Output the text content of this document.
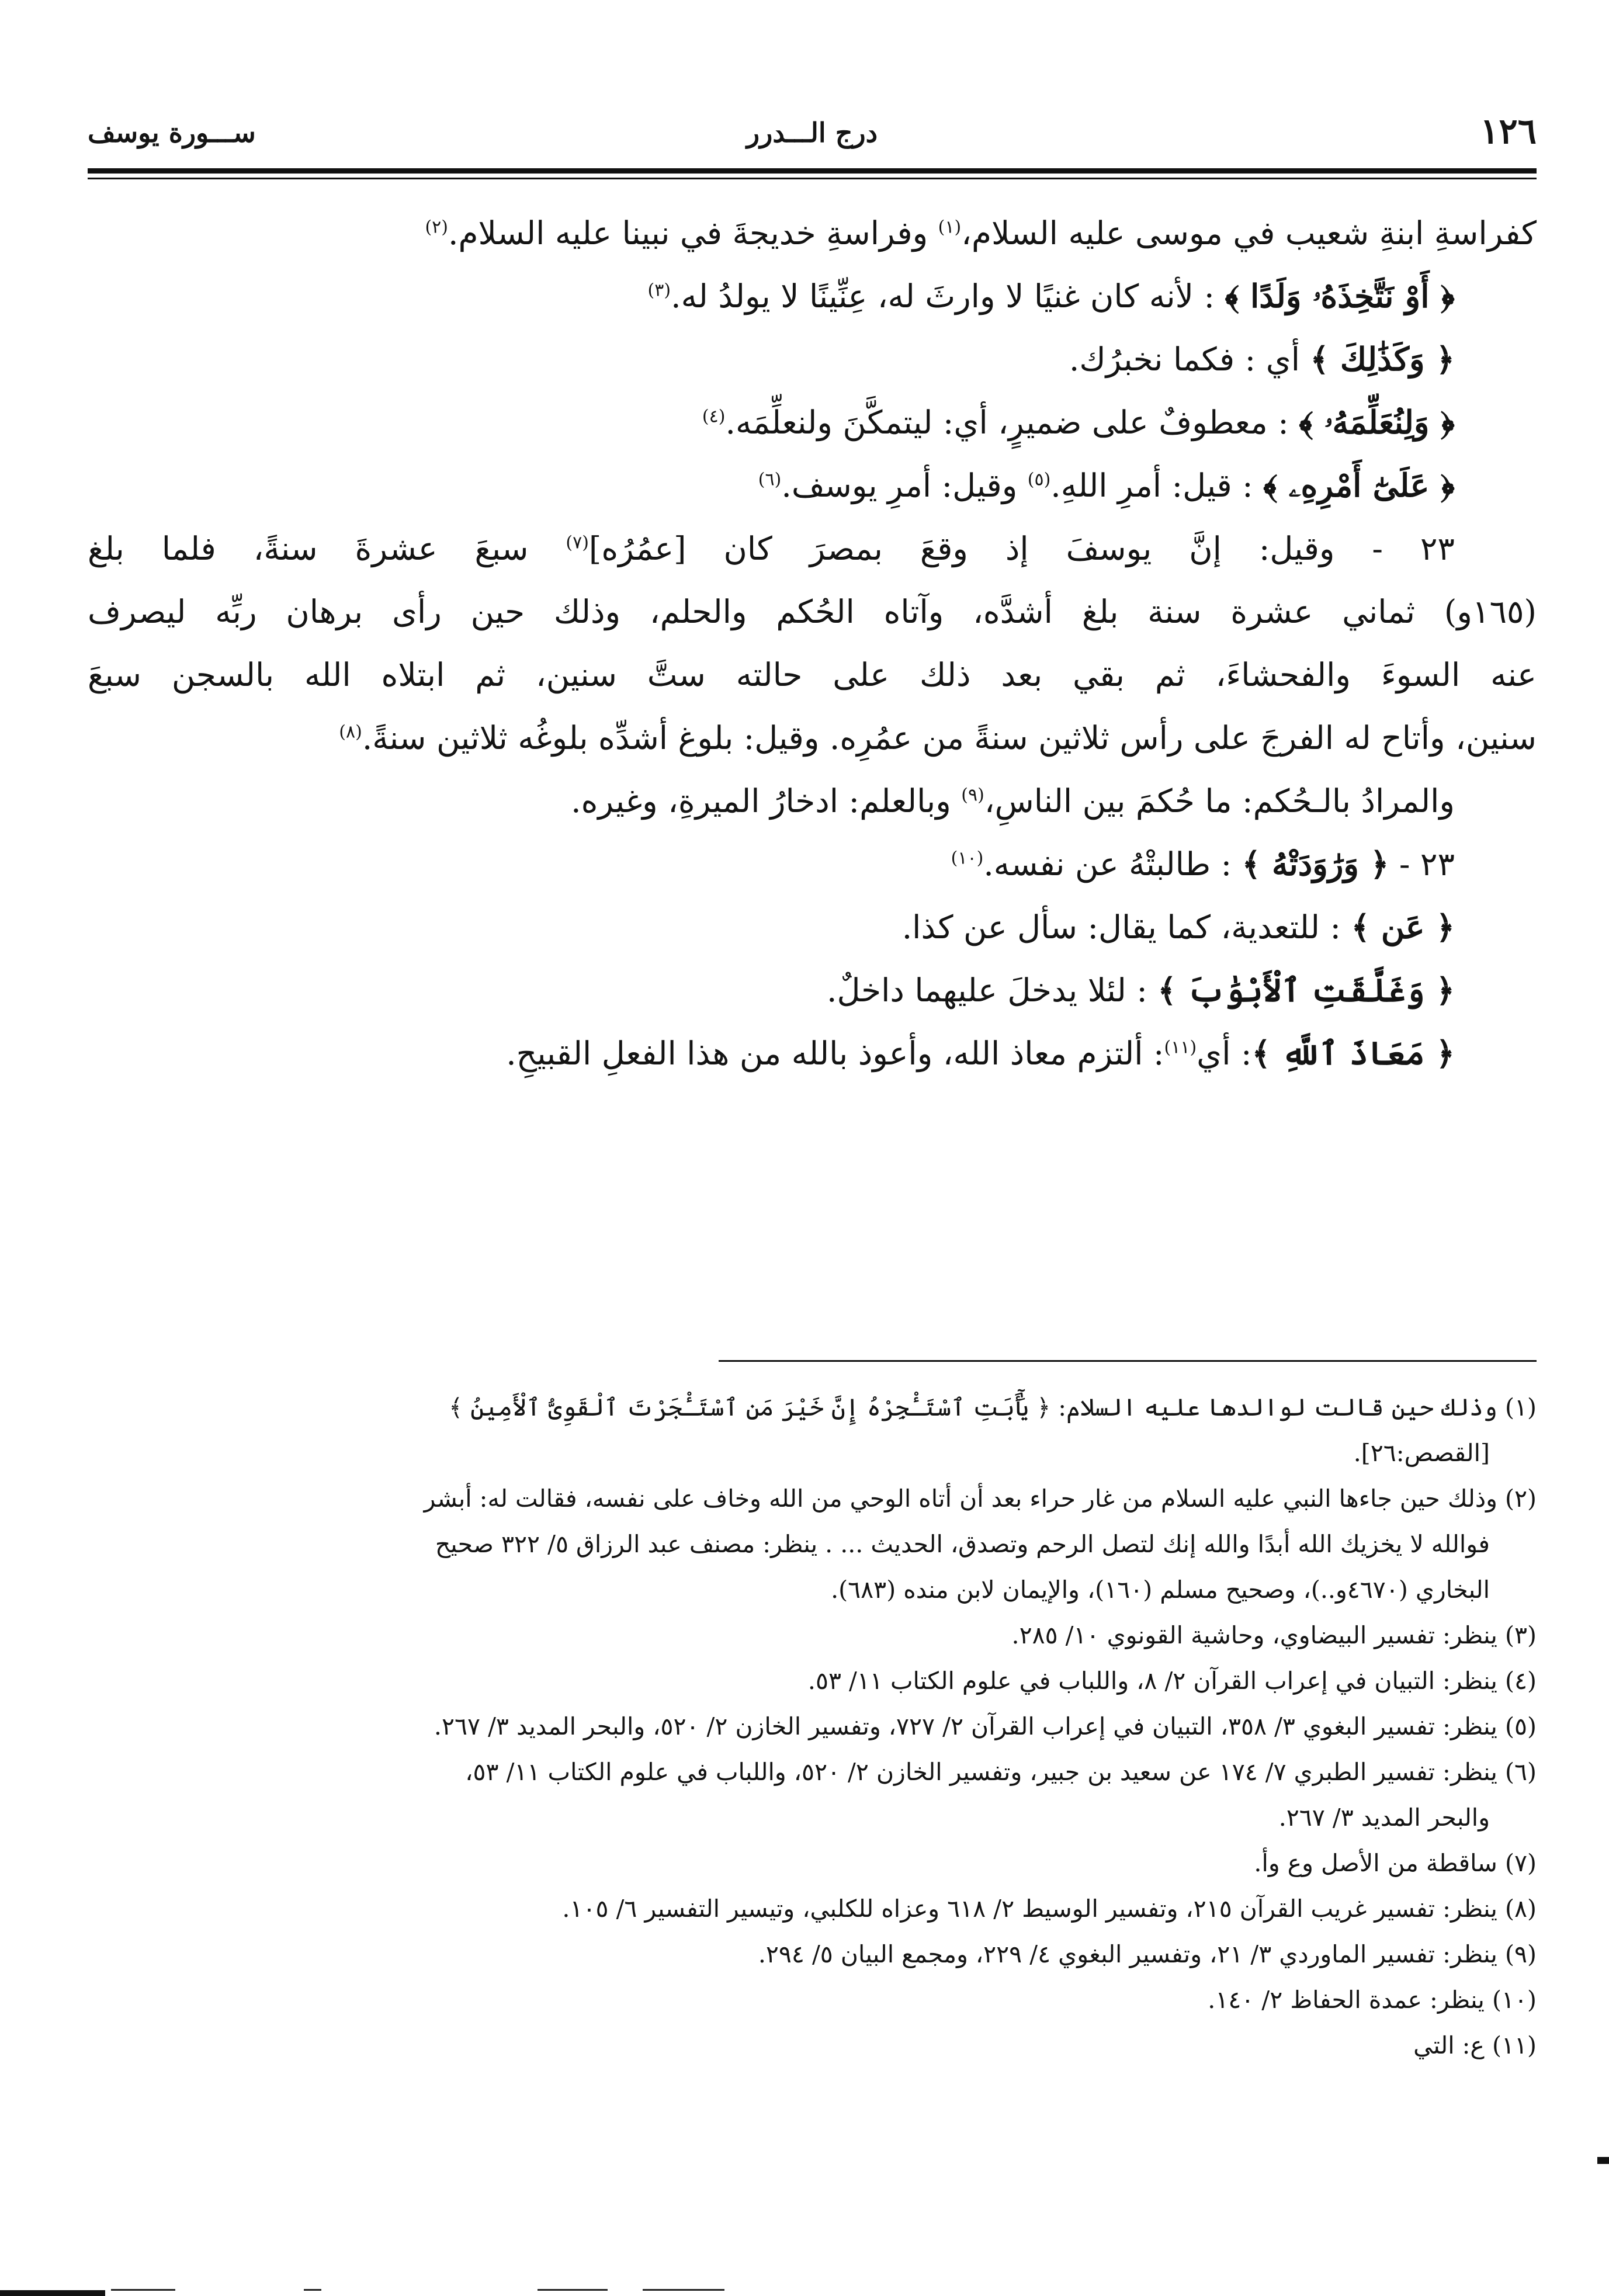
١٢٦
درج الـــدرر
ســـورة يوسف
كفراسةِ ابنةِ شعيب في موسى عليه السلام،$^{(١)}$ وفراسةِ خديجةَ في نبينا عليه السلام.$^{(٢)}$
﴿ أَوْ نَتَّخِذَهُۥ وَلَدًا ﴾ : لأنه كان غنيًا لا وارثَ له، عِنِّينًا لا يولدُ له.$^{(٣)}$
﴿ وَكَذَٰلِكَ ﴾ أي : فكما نخبرُك.
﴿ وَلِنُعَلِّمَهُۥ ﴾ : معطوفٌ على ضميرٍ، أي: ليتمكَّنَ ولنعلِّمَه.$^{(٤)}$
﴿ عَلَىٰٓ أَمْرِهِۦ ﴾ : قيل: أمرِ اللهِ.$^{(٥)}$ وقيل: أمرِ يوسف.$^{(٦)}$
٢٣ - وقيل: إنَّ يوسفَ إذ وقعَ بمصرَ كان [عمُرُه]$^{(٧)}$ سبعَ عشرةَ سنةً، فلما بلغ
(١٦٥و) ثماني عشرة سنة بلغ أشدَّه، وآتاه الحُكم والحلم، وذلك حين رأى برهان ربِّه ليصرف
عنه السوءَ والفحشاءَ، ثم بقي بعد ذلك على حالته ستَّ سنين، ثم ابتلاه الله بالسجن سبعَ
سنين، وأتاح له الفرجَ على رأس ثلاثين سنةً من عمُرِه. وقيل: بلوغ أشدِّه بلوغُه ثلاثين سنةً.$^{(٨)}$
والمرادُ بالـحُكم: ما حُكمَ بين الناسِ،$^{(٩)}$ وبالعلم: ادخارُ الميرةِ، وغيره.
٢٣ - ﴿ وَرَٰوَدَتْهُ ﴾ : طالبتْهُ عن نفسه.$^{(١٠)}$
﴿ عَن ﴾ : للتعدية، كما يقال: سأل عن كذا.
﴿ وَغَلَّقَتِ ٱلْأَبْوَٰبَ ﴾ : لئلا يدخلَ عليهما داخلٌ.
﴿ مَعَاذَ ٱللَّهِ ﴾: أي$^{(١١)}$: ألتزم معاذ الله، وأعوذ بالله من هذا الفعلِ القبيحِ.
(١) وذلك حين قالت لوالدها عليه السلام: ﴿ يَٰٓأَبَتِ ٱسْتَـْٔجِرْهُ إِنَّ خَيْرَ مَنِ ٱسْتَـْٔجَرْتَ ٱلْقَوِىُّ ٱلْأَمِينُ ﴾
[القصص:٢٦].
(٢) وذلك حين جاءها النبي عليه السلام من غار حراء بعد أن أتاه الوحي من الله وخاف على نفسه، فقالت له: أبشر
فوالله لا يخزيك الله أبدًا والله إنك لتصل الرحم وتصدق، الحديث ... . ينظر: مصنف عبد الرزاق ٥/ ٣٢٢ صحيح
البخاري (٤٦٧٠و..)، وصحيح مسلم (١٦٠)، والإيمان لابن منده (٦٨٣).
(٣) ينظر: تفسير البيضاوي، وحاشية القونوي ١٠/ ٢٨٥.
(٤) ينظر: التبيان في إعراب القرآن ٢/ ٨، واللباب في علوم الكتاب ١١/ ٥٣.
(٥) ينظر: تفسير البغوي ٣/ ٣٥٨، التبيان في إعراب القرآن ٢/ ٧٢٧، وتفسير الخازن ٢/ ٥٢٠، والبحر المديد ٣/ ٢٦٧.
(٦) ينظر: تفسير الطبري ٧/ ١٧٤ عن سعيد بن جبير، وتفسير الخازن ٢/ ٥٢٠، واللباب في علوم الكتاب ١١/ ٥٣،
والبحر المديد ٣/ ٢٦٧.
(٧) ساقطة من الأصل وع وأ.
(٨) ينظر: تفسير غريب القرآن ٢١٥، وتفسير الوسيط ٢/ ٦١٨ وعزاه للكلبي، وتيسير التفسير ٦/ ١٠٥.
(٩) ينظر: تفسير الماوردي ٣/ ٢١، وتفسير البغوي ٤/ ٢٢٩، ومجمع البيان ٥/ ٢٩٤.
(١٠) ينظر: عمدة الحفاظ ٢/ ١٤٠.
(١١) ع: التي
